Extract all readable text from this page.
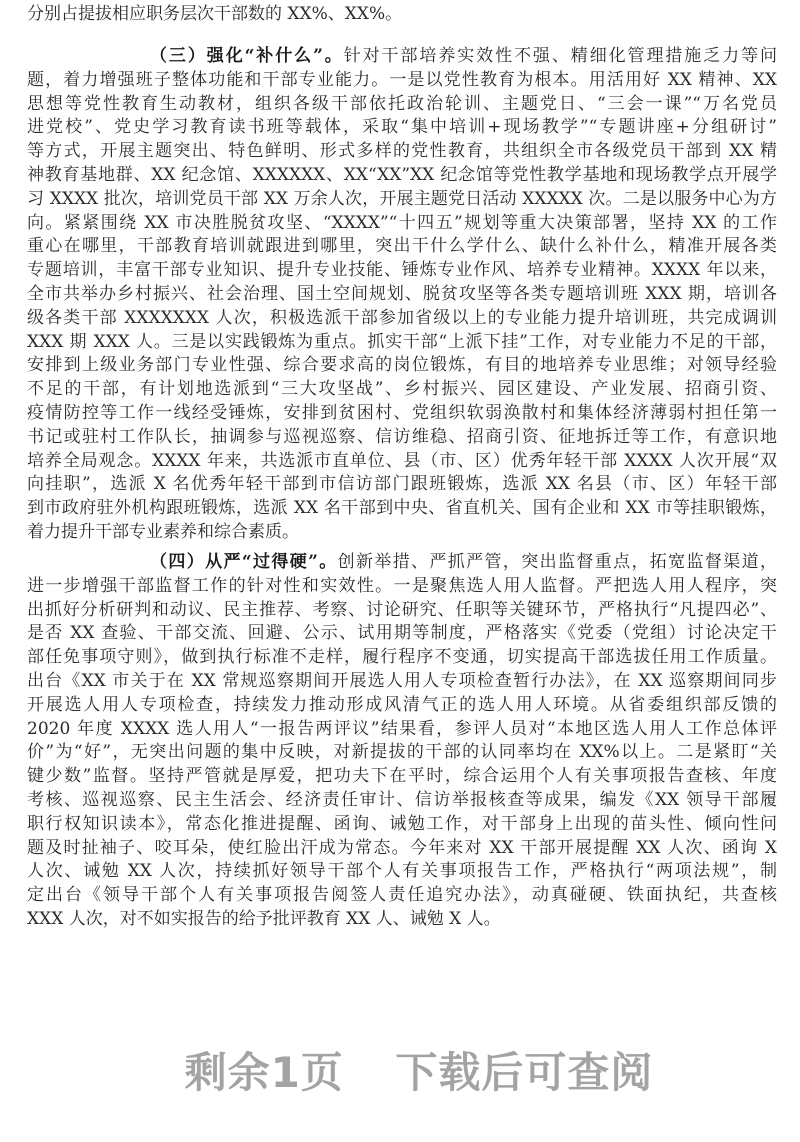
分别占提拔相应职务层次干部数的 XX%、XX%。
（三）强化“补什么”。针对干部培养实效性不强、精细化管理措施乏力等问
题，着力增强班子整体功能和干部专业能力。一是以党性教育为根本。用活用好 XX 精神、XX
思想等党性教育生动教材，组织各级干部依托政治轮训、主题党日、“三会一课”“万名党员
进党校”、党史学习教育读书班等载体，采取“集中培训+现场教学”“专题讲座+分组研讨”
等方式，开展主题突出、特色鲜明、形式多样的党性教育，共组织全市各级党员干部到 XX 精
神教育基地群、XX 纪念馆、XXXXXX、XX“XX”XX 纪念馆等党性教学基地和现场教学点开展学
习 XXXX 批次，培训党员干部 XX 万余人次，开展主题党日活动 XXXXX 次。二是以服务中心为方
向。紧紧围绕 XX 市决胜脱贫攻坚、“XXXX”“十四五”规划等重大决策部署，坚持 XX 的工作
重心在哪里，干部教育培训就跟进到哪里，突出干什么学什么、缺什么补什么，精准开展各类
专题培训，丰富干部专业知识、提升专业技能、锤炼专业作风、培养专业精神。XXXX 年以来，
全市共举办乡村振兴、社会治理、国土空间规划、脱贫攻坚等各类专题培训班 XXX 期，培训各
级各类干部 XXXXXXX 人次，积极选派干部参加省级以上的专业能力提升培训班，共完成调训
XXX 期 XXX 人。三是以实践锻炼为重点。抓实干部“上派下挂”工作，对专业能力不足的干部，
安排到上级业务部门专业性强、综合要求高的岗位锻炼，有目的地培养专业思维；对领导经验
不足的干部，有计划地选派到“三大攻坚战”、乡村振兴、园区建设、产业发展、招商引资、
疫情防控等工作一线经受锤炼，安排到贫困村、党组织软弱涣散村和集体经济薄弱村担任第一
书记或驻村工作队长，抽调参与巡视巡察、信访维稳、招商引资、征地拆迁等工作，有意识地
培养全局观念。XXXX 年来，共选派市直单位、县（市、区）优秀年轻干部 XXXX 人次开展“双
向挂职”，选派 X 名优秀年轻干部到市信访部门跟班锻炼，选派 XX 名县（市、区）年轻干部
到市政府驻外机构跟班锻炼，选派 XX 名干部到中央、省直机关、国有企业和 XX 市等挂职锻炼，
着力提升干部专业素养和综合素质。
（四）从严“过得硬”。创新举措、严抓严管，突出监督重点，拓宽监督渠道，
进一步增强干部监督工作的针对性和实效性。一是聚焦选人用人监督。严把选人用人程序，突
出抓好分析研判和动议、民主推荐、考察、讨论研究、任职等关键环节，严格执行“凡提四必”、
是否 XX 查验、干部交流、回避、公示、试用期等制度，严格落实《党委（党组）讨论决定干
部任免事项守则》，做到执行标准不走样，履行程序不变通，切实提高干部选拔任用工作质量。
出台《XX 市关于在 XX 常规巡察期间开展选人用人专项检查暂行办法》，在 XX 巡察期间同步
开展选人用人专项检查，持续发力推动形成风清气正的选人用人环境。从省委组织部反馈的
2020 年度 XXXX 选人用人“一报告两评议”结果看，参评人员对“本地区选人用人工作总体评
价”为“好”，无突出问题的集中反映，对新提拔的干部的认同率均在 XX%以上。二是紧盯“关
键少数”监督。坚持严管就是厚爱，把功夫下在平时，综合运用个人有关事项报告查核、年度
考核、巡视巡察、民主生活会、经济责任审计、信访举报核查等成果，编发《XX 领导干部履
职行权知识读本》，常态化推进提醒、函询、诫勉工作，对干部身上出现的苗头性、倾向性问
题及时扯袖子、咬耳朵，使红脸出汗成为常态。今年来对 XX 干部开展提醒 XX 人次、函询 X
人次、诫勉 XX 人次，持续抓好领导干部个人有关事项报告工作，严格执行“两项法规”，制
定出台《领导干部个人有关事项报告阅签人责任追究办法》，动真碰硬、铁面执纪，共查核
XXX 人次，对不如实报告的给予批评教育 XX 人、诫勉 X 人。
剩余1页 下载后可查阅
